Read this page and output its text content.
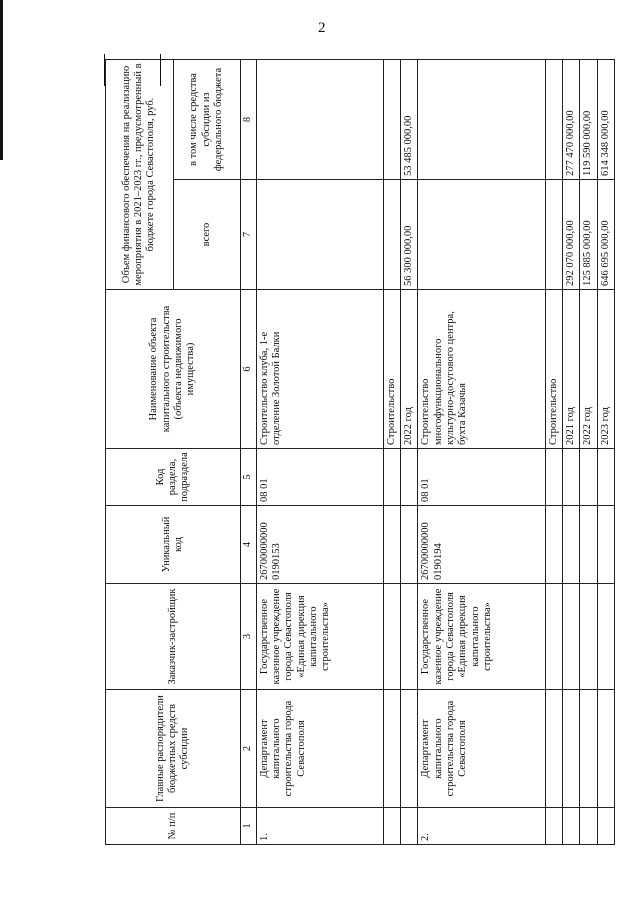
2
№ п/п	Главные распорядители бюджетных средств субсидии	Заказчик-застройщик	Уникальный код	Код раздела, подраздела	Наименование объекта капитального строительства (объекта недвижимого имущества)	Объем финансового обеспечения на реализацию мероприятия в 2021–2023 гг., предусмотренный в бюджете города Севастополя, руб.	
						всего	в том числе средства субсидии из федерального бюджета
1	2	3	4	5	6	7	8
1.	Департамент капитального строительства города Севастополя	Государственное казенное учреждение города Севастополя «Единая дирекция капитального строительства»	26700000000 0190153	08 01	Строительство клуба, 1-е отделение Золотой Балки		
					Строительство		
					2022 год	56 300 000,00	53 485 000,00
2.	Департамент капитального строительства города Севастополя	Государственное казенное учреждение города Севастополя «Единая дирекция капитального строительства»	26700000000 0190194	08 01	Строительство многофункционального культурно-досугового центра, бухта Казачья		
					Строительство		
					2021 год	292 070 000,00	277 470 000,00
					2022 год	125 885 000,00	119 590 000,00
					2023 год	646 695 000,00	614 348 000,00
